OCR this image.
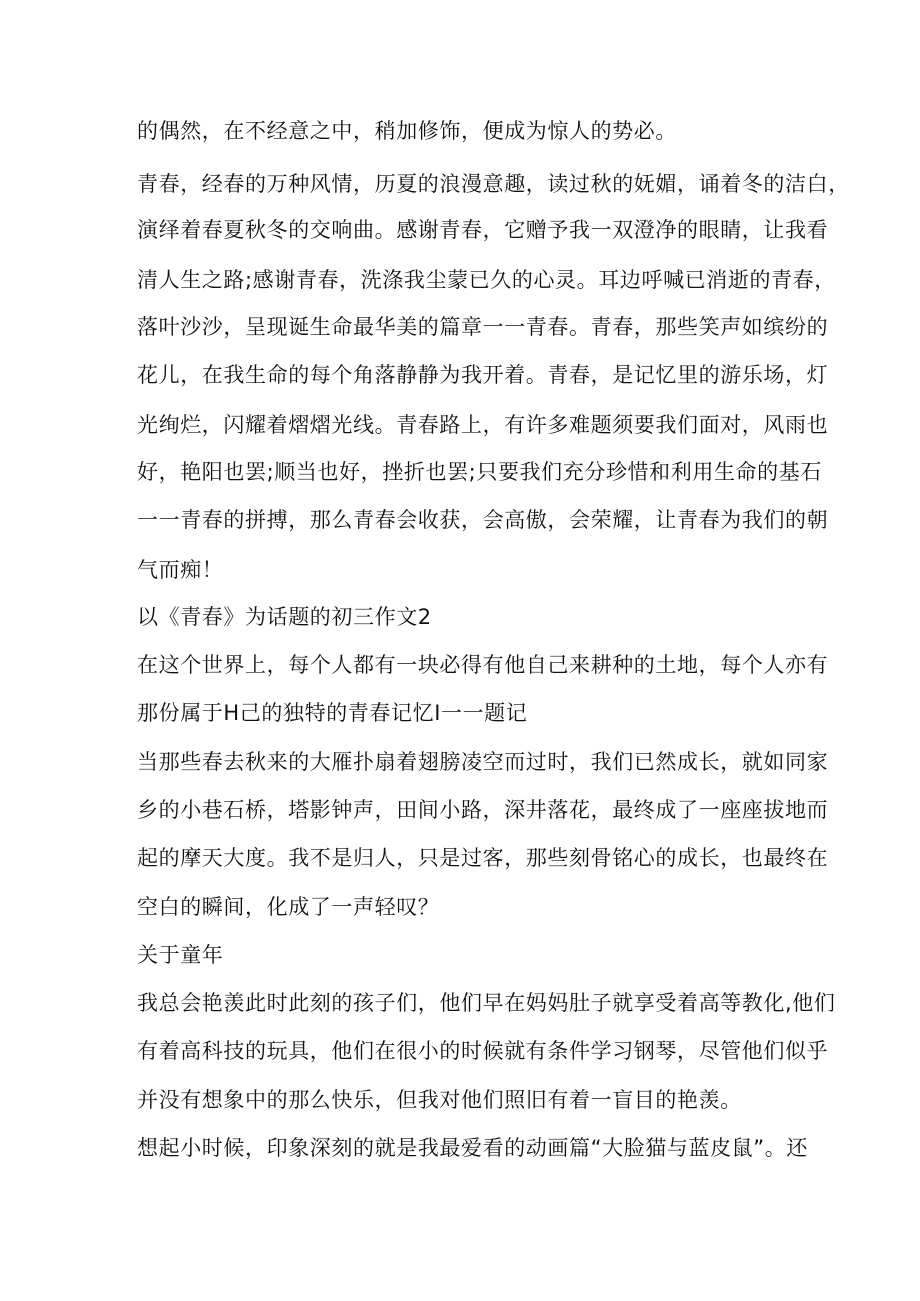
的偶然，在不经意之中，稍加修饰，便成为惊人的势必。
青春，经春的万种风情，历夏的浪漫意趣，读过秋的妩媚，诵着冬的洁白，
演绎着春夏秋冬的交响曲。感谢青春，它赠予我一双澄净的眼睛，让我看
清人生之路;感谢青春，洗涤我尘蒙已久的心灵。耳边呼喊已消逝的青春，
落叶沙沙，呈现诞生命最华美的篇章一一青春。青春，那些笑声如缤纷的
花儿，在我生命的每个角落静静为我开着。青春，是记忆里的游乐场，灯
光绚烂，闪耀着熠熠光线。青春路上，有许多难题须要我们面对，风雨也
好，艳阳也罢;顺当也好，挫折也罢;只要我们充分珍惜和利用生命的基石
一一青春的拼搏，那么青春会收获，会高傲，会荣耀，让青春为我们的朝
气而痴！
以《青春》为话题的初三作文2
在这个世界上，每个人都有一块必得有他自己来耕种的土地，每个人亦有
那份属于H己的独特的青春记忆I一一题记
当那些春去秋来的大雁扑扇着翅膀凌空而过时，我们已然成长，就如同家
乡的小巷石桥，塔影钟声，田间小路，深井落花，最终成了一座座拔地而
起的摩天大度。我不是归人，只是过客，那些刻骨铭心的成长，也最终在
空白的瞬间，化成了一声轻叹？
关于童年
我总会艳羡此时此刻的孩子们，他们早在妈妈肚子就享受着高等教化,他们
有着高科技的玩具，他们在很小的时候就有条件学习钢琴，尽管他们似乎
并没有想象中的那么快乐，但我对他们照旧有着一盲目的艳羡。
想起小时候，印象深刻的就是我最爱看的动画篇“大脸猫与蓝皮鼠”。还
